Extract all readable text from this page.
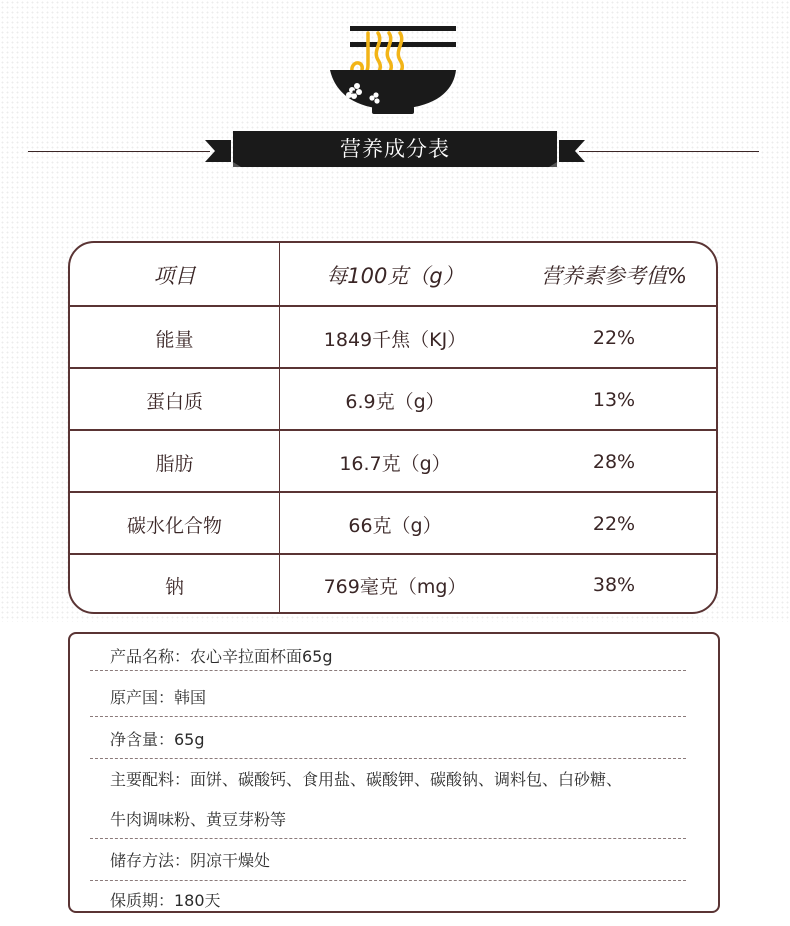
营养成分表
项目	每100克（g）	营养素参考值%
能量	1849千焦（KJ）	22%
蛋白质	6.9克（g）	13%
脂肪	16.7克（g）	28%
碳水化合物	66克（g）	22%
钠	769毫克（mg）	38%
产品名称：农心辛拉面杯面65g
原产国：韩国
净含量：65g
主要配料：面饼、碳酸钙、食用盐、碳酸钾、碳酸钠、调料包、白砂糖、
牛肉调味粉、黄豆芽粉等
储存方法：阴凉干燥处
保质期：180天
